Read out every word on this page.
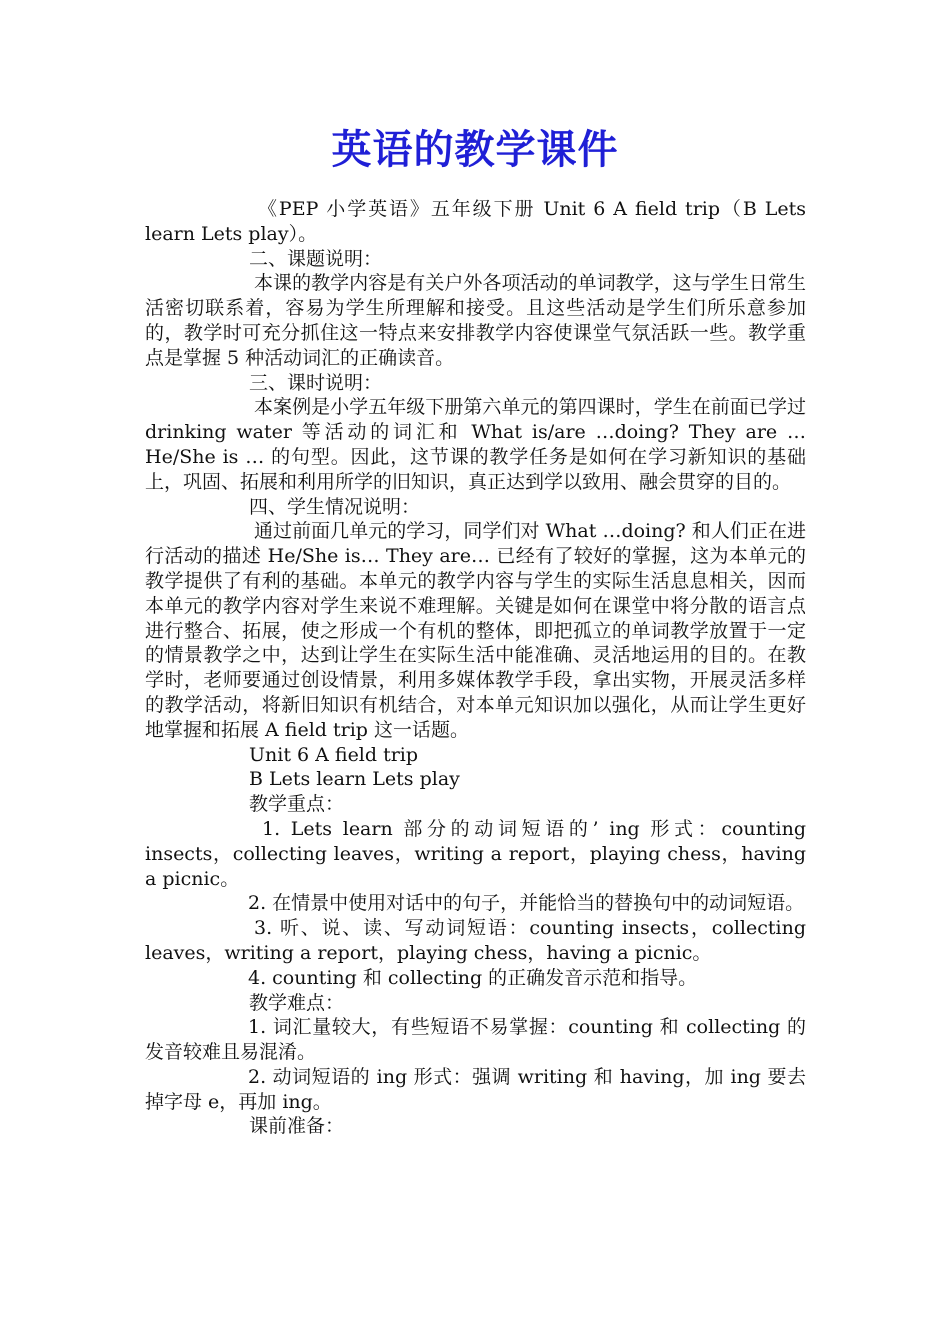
英语的教学课件

《PEP 小学英语》五年级下册 Unit 6 A field trip（B Lets learn Lets play）。

二、课题说明：

本课的教学内容是有关户外各项活动的单词教学，这与学生日常生活密切联系着，容易为学生所理解和接受。且这些活动是学生们所乐意参加的，教学时可充分抓住这一特点来安排教学内容使课堂气氛活跃一些。教学重点是掌握 5 种活动词汇的正确读音。

三、课时说明：

本案例是小学五年级下册第六单元的第四课时，学生在前面已学过 drinking water 等活动的词汇和 What is/are …doing? They are … He/She is … 的句型。因此，这节课的教学任务是如何在学习新知识的基础上，巩固、拓展和利用所学的旧知识，真正达到学以致用、融会贯穿的目的。

四、学生情况说明：

通过前面几单元的学习，同学们对 What …doing? 和人们正在进行活动的描述 He/She is… They are… 已经有了较好的掌握，这为本单元的教学提供了有利的基础。本单元的教学内容与学生的实际生活息息相关，因而本单元的教学内容对学生来说不难理解。关键是如何在课堂中将分散的语言点进行整合、拓展，使之形成一个有机的整体，即把孤立的单词教学放置于一定的情景教学之中，达到让学生在实际生活中能准确、灵活地运用的目的。在教学时，老师要通过创设情景，利用多媒体教学手段，拿出实物，开展灵活多样的教学活动，将新旧知识有机结合，对本单元知识加以强化，从而让学生更好地掌握和拓展 A field trip 这一话题。

Unit 6 A field trip

B Lets learn Lets play

教学重点：

1. Lets learn 部分的动词短语的’ ing 形式：counting insects，collecting leaves，writing a report，playing chess，having a picnic。

2. 在情景中使用对话中的句子，并能恰当的替换句中的动词短语。

3. 听、说、读、写动词短语：counting insects，collecting leaves，writing a report，playing chess，having a picnic。

4. counting 和 collecting 的正确发音示范和指导。

教学难点：

1. 词汇量较大，有些短语不易掌握：counting 和 collecting 的发音较难且易混淆。

2. 动词短语的 ing 形式：强调 writing 和 having，加 ing 要去掉字母 e，再加 ing。

课前准备：
